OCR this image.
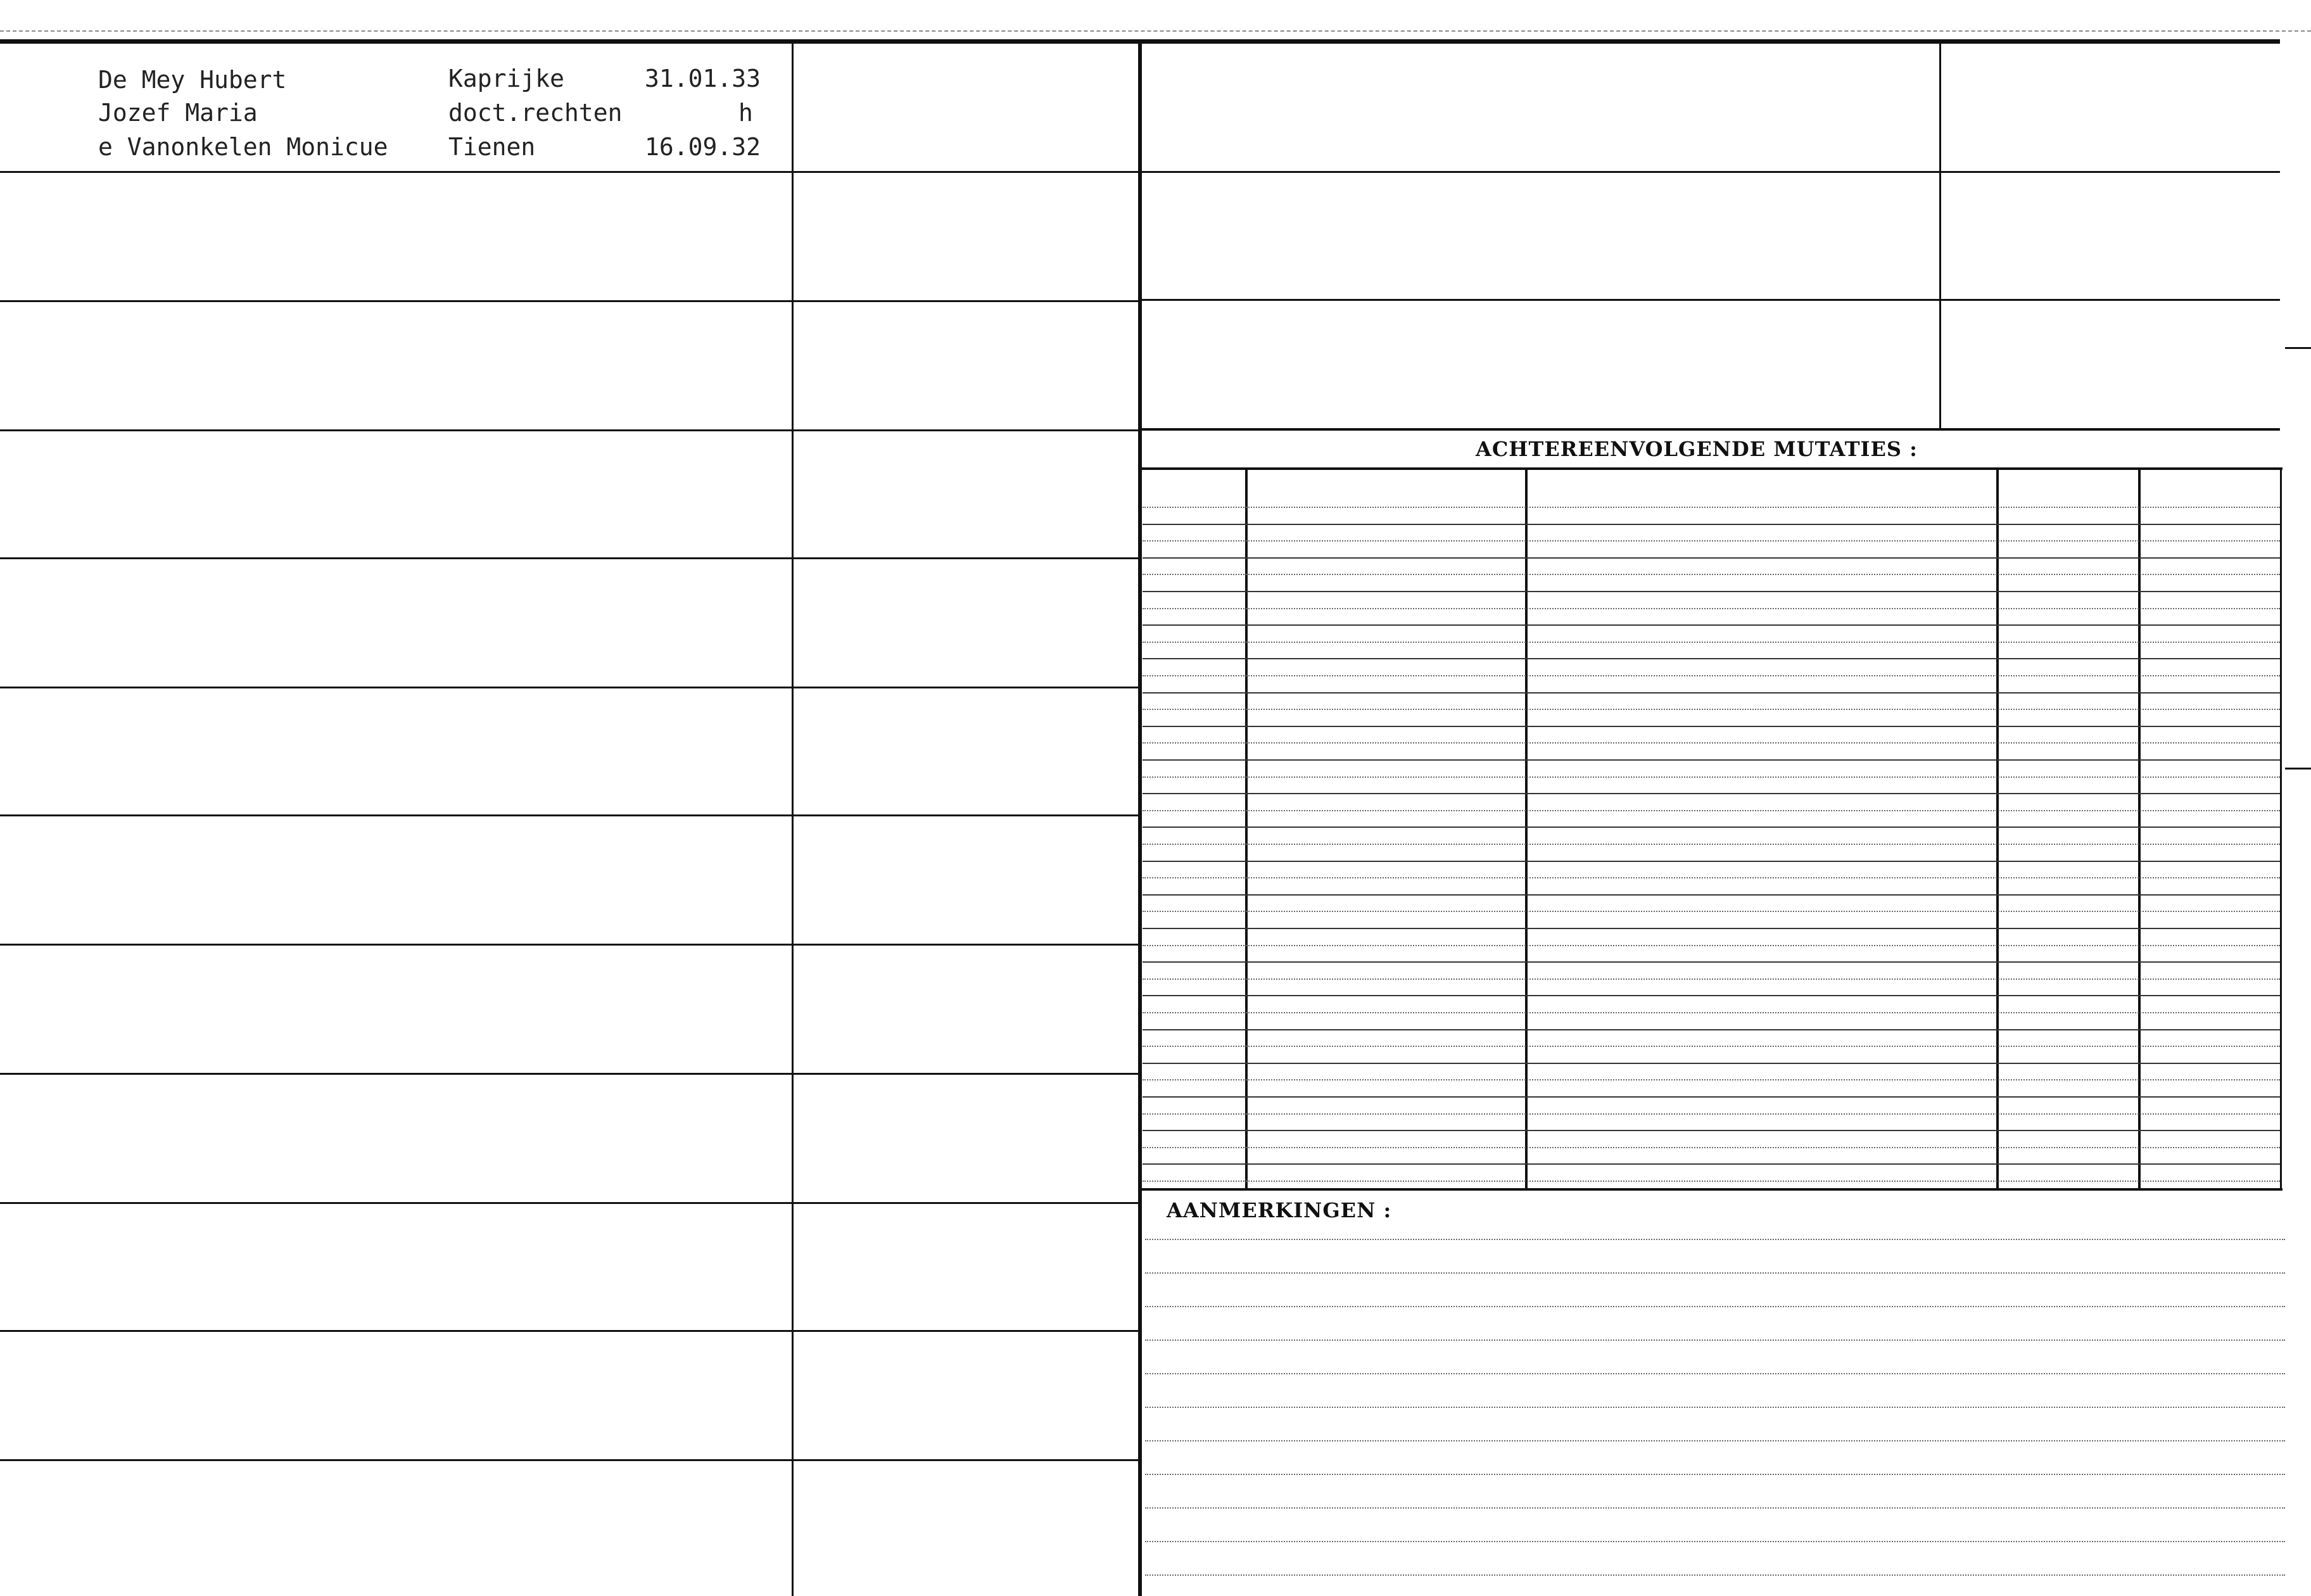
De Mey Hubert
Jozef Maria
e Vanonkelen Monicue
Kaprijke
doct.rechten
Tienen
31.01.33
h
16.09.32
ACHTEREENVOLGENDE MUTATIES :
AANMERKINGEN :
